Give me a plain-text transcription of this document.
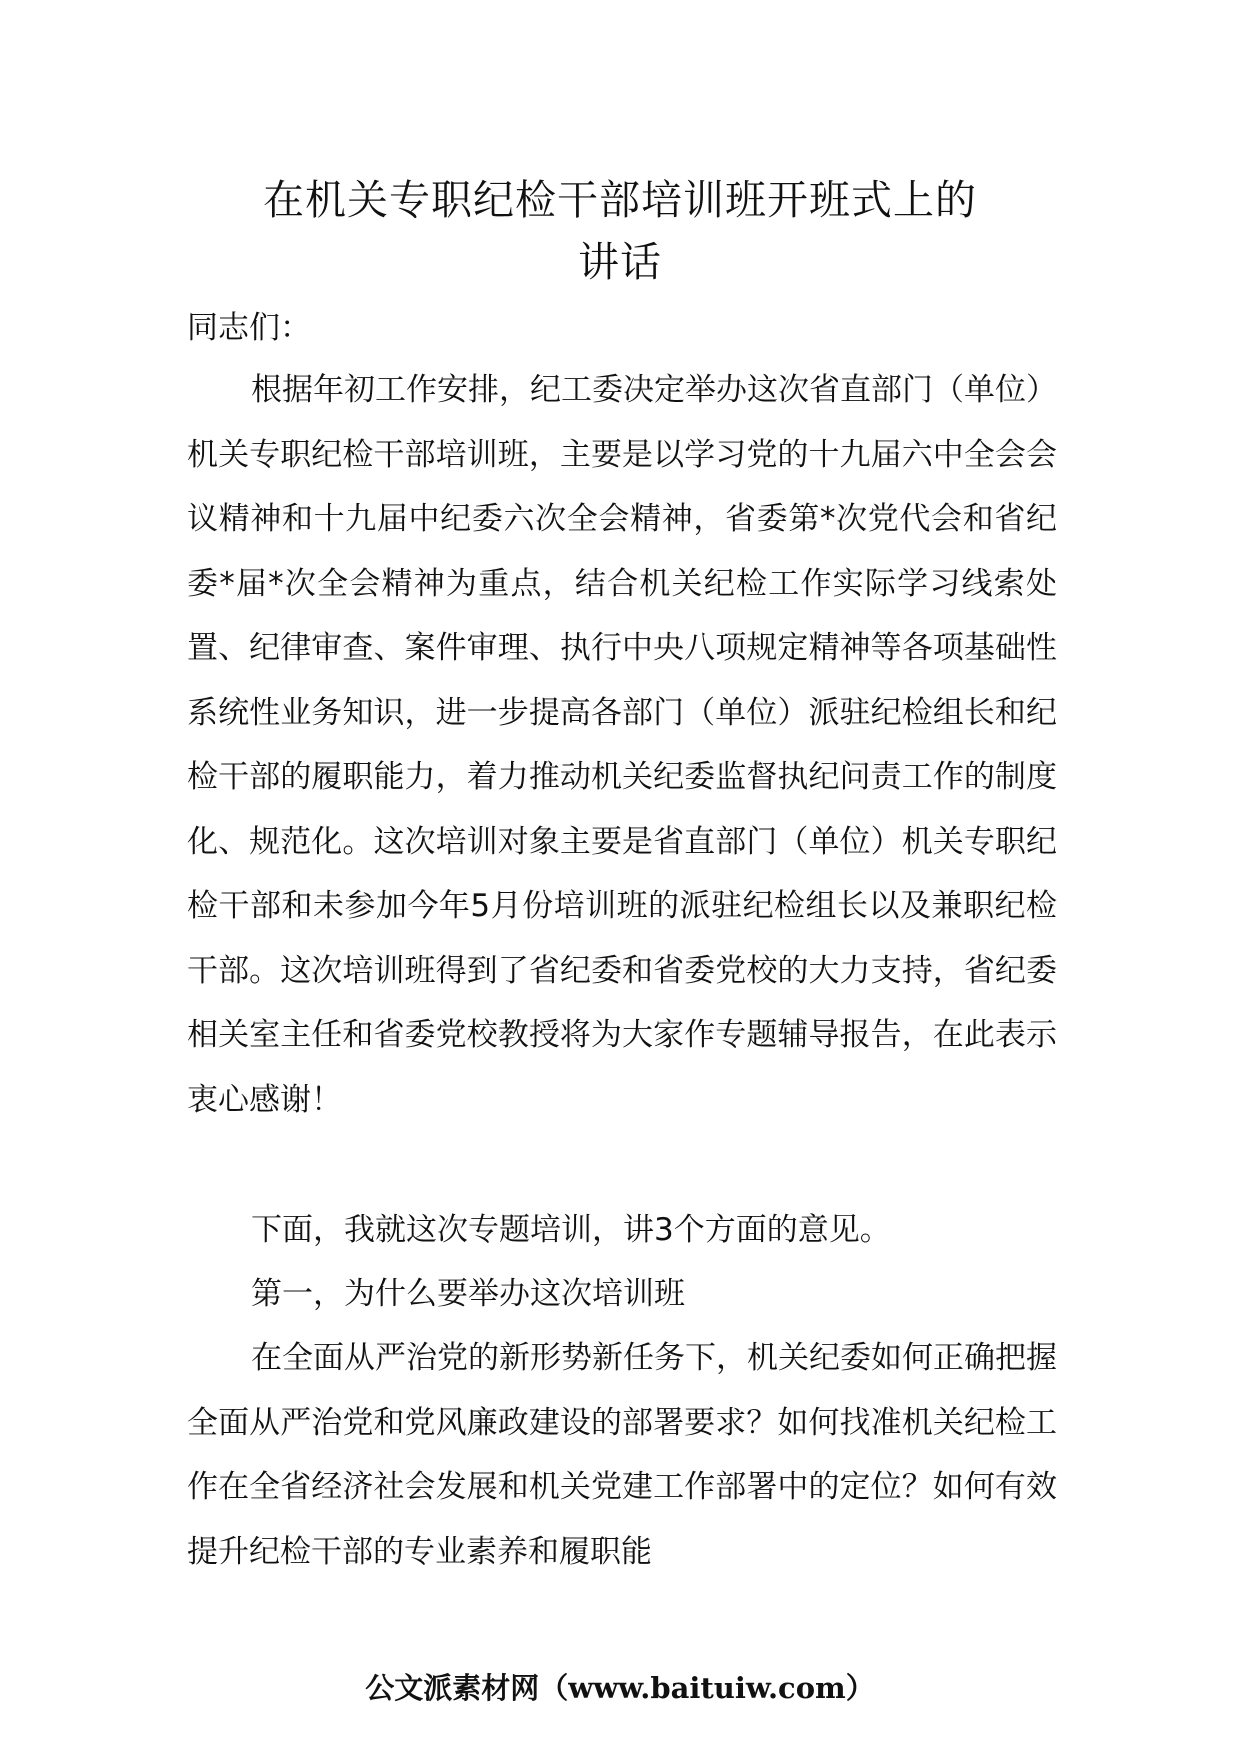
在机关专职纪检干部培训班开班式上的
讲话
同志们：
根据年初工作安排，纪工委决定举办这次省直部门（单位）机关专职纪检干部培训班，主要是以学习党的十九届六中全会会议精神和十九届中纪委六次全会精神，省委第*次党代会和省纪委*届*次全会精神为重点，结合机关纪检工作实际学习线索处置、纪律审查、案件审理、执行中央八项规定精神等各项基础性系统性业务知识，进一步提高各部门（单位）派驻纪检组长和纪检干部的履职能力，着力推动机关纪委监督执纪问责工作的制度化、规范化。这次培训对象主要是省直部门（单位）机关专职纪检干部和未参加今年5月份培训班的派驻纪检组长以及兼职纪检干部。这次培训班得到了省纪委和省委党校的大力支持，省纪委相关室主任和省委党校教授将为大家作专题辅导报告，在此表示衷心感谢！
下面，我就这次专题培训，讲3个方面的意见。
第一，为什么要举办这次培训班
在全面从严治党的新形势新任务下，机关纪委如何正确把握全面从严治党和党风廉政建设的部署要求？如何找准机关纪检工作在全省经济社会发展和机关党建工作部署中的定位？如何有效提升纪检干部的专业素养和履职能
公文派素材网（www.baituiw.com）
